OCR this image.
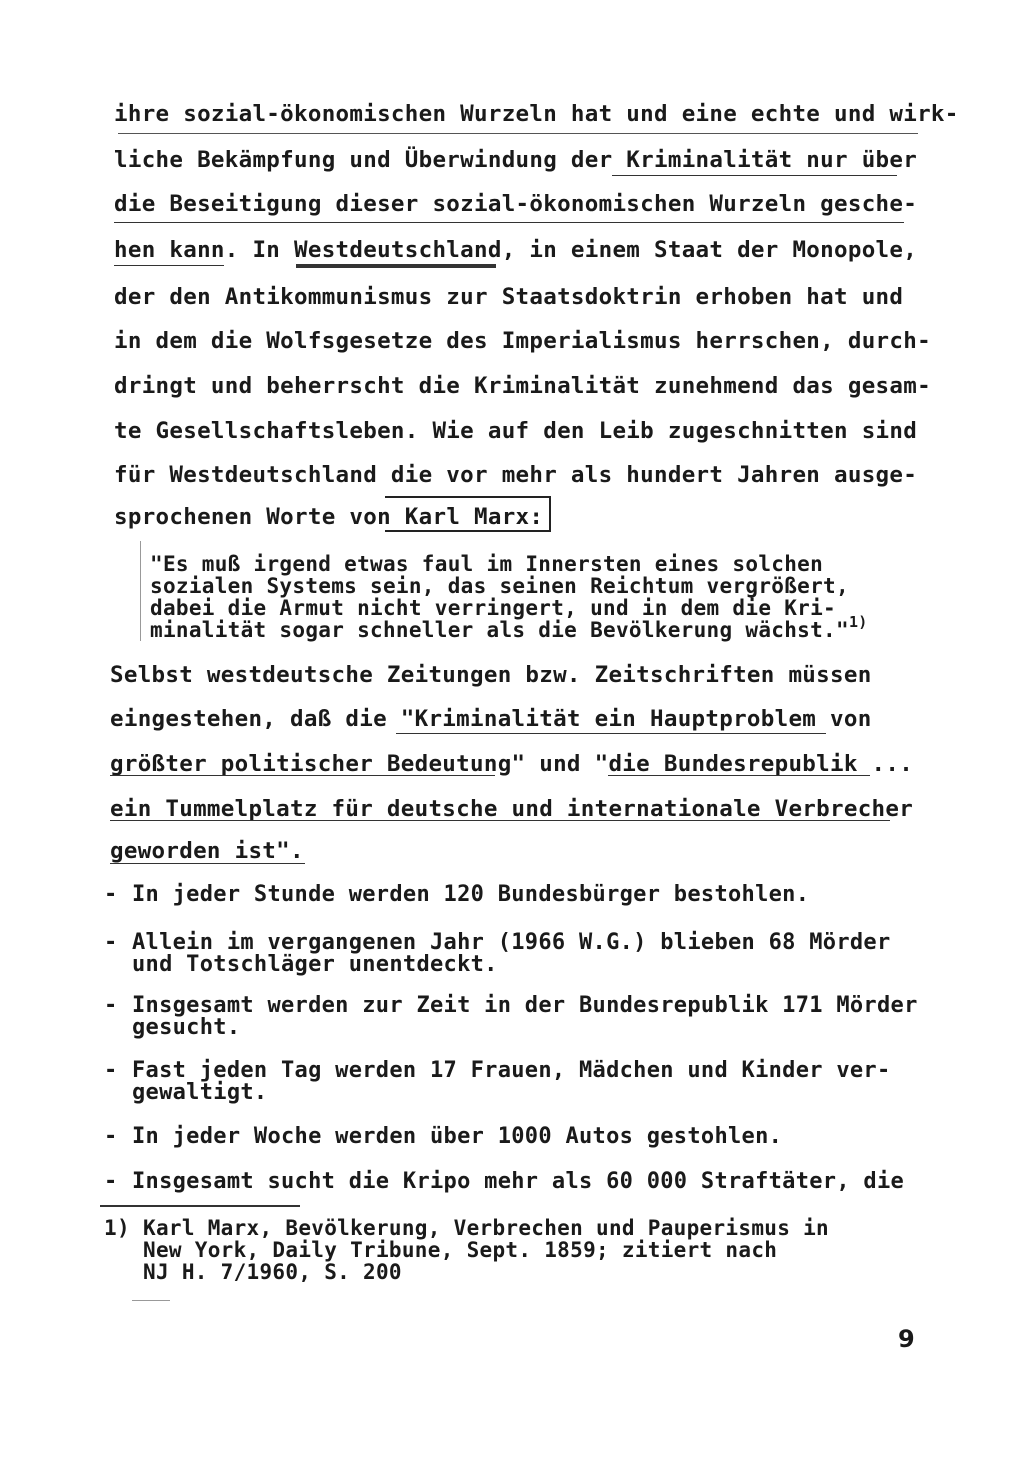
ihre sozial-ökonomischen Wurzeln hat und eine echte und wirk-
liche Bekämpfung und Überwindung der Kriminalität nur über
die Beseitigung dieser sozial-ökonomischen Wurzeln gesche-
hen kann. In Westdeutschland, in einem Staat der Monopole,
der den Antikommunismus zur Staatsdoktrin erhoben hat und
in dem die Wolfsgesetze des Imperialismus herrschen, durch-
dringt und beherrscht die Kriminalität zunehmend das gesam-
te Gesellschaftsleben. Wie auf den Leib zugeschnitten sind
für Westdeutschland die vor mehr als hundert Jahren ausge-
sprochenen Worte von Karl Marx:
"Es muß irgend etwas faul im Innersten eines solchen
sozialen Systems sein, das seinen Reichtum vergrößert,
dabei die Armut nicht verringert, und in dem die Kri-
minalität sogar schneller als die Bevölkerung wächst."$^{1)}$
Selbst westdeutsche Zeitungen bzw. Zeitschriften müssen
eingestehen, daß die "Kriminalität ein Hauptproblem von
größter politischer Bedeutung" und "die Bundesrepublik ...
ein Tummelplatz für deutsche und internationale Verbrecher
geworden ist".
- In jeder Stunde werden 120 Bundesbürger bestohlen.
- Allein im vergangenen Jahr (1966 W.G.) blieben 68 Mörder
und Totschläger unentdeckt.
- Insgesamt werden zur Zeit in der Bundesrepublik 171 Mörder
gesucht.
- Fast jeden Tag werden 17 Frauen, Mädchen und Kinder ver-
gewaltigt.
- In jeder Woche werden über 1000 Autos gestohlen.
- Insgesamt sucht die Kripo mehr als 60 000 Straftäter, die
1) Karl Marx, Bevölkerung, Verbrechen und Pauperismus in
New York, Daily Tribune, Sept. 1859; zitiert nach
NJ H. 7/1960, S. 200
9
